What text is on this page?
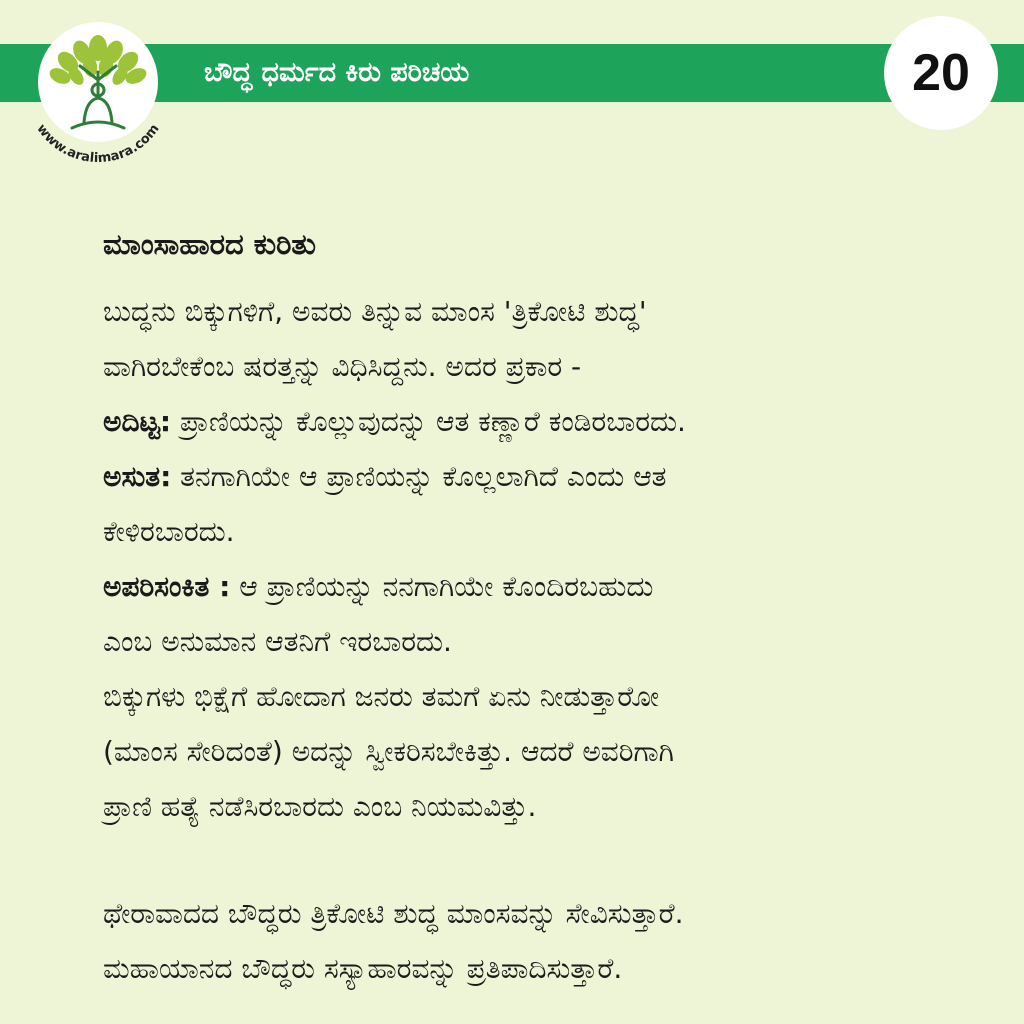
www.aralimara.com
ಬೌದ್ಧ ಧರ್ಮದ ಕಿರು ಪರಿಚಯ	20
ಮಾಂಸಾಹಾರದ ಕುರಿತು
ಬುದ್ಧನು ಬಿಕ್ಕುಗಳಿಗೆ, ಅವರು ತಿನ್ನುವ ಮಾಂಸ 'ತ್ರಿಕೋಟಿ ಶುದ್ಧ'
ವಾಗಿರಬೇಕೆಂಬ ಷರತ್ತನ್ನು ವಿಧಿಸಿದ್ದನು. ಅದರ ಪ್ರಕಾರ -
ಅದಿಟ್ಟ: ಪ್ರಾಣಿಯನ್ನು ಕೊಲ್ಲುವುದನ್ನು ಆತ ಕಣ್ಣಾರೆ ಕಂಡಿರಬಾರದು.
ಅಸುತ: ತನಗಾಗಿಯೇ ಆ ಪ್ರಾಣಿಯನ್ನು ಕೊಲ್ಲಲಾಗಿದೆ ಎಂದು ಆತ
ಕೇಳಿರಬಾರದು.
ಅಪರಿಸಂಕಿತ : ಆ ಪ್ರಾಣಿಯನ್ನು ನನಗಾಗಿಯೇ ಕೊಂದಿರಬಹುದು
ಎಂಬ ಅನುಮಾನ ಆತನಿಗೆ ಇರಬಾರದು.
ಬಿಕ್ಕುಗಳು ಭಿಕ್ಷೆಗೆ ಹೋದಾಗ ಜನರು ತಮಗೆ ಏನು ನೀಡುತ್ತಾರೋ
(ಮಾಂಸ ಸೇರಿದಂತೆ) ಅದನ್ನು ಸ್ವೀಕರಿಸಬೇಕಿತ್ತು. ಆದರೆ ಅವರಿಗಾಗಿ
ಪ್ರಾಣಿ ಹತ್ಯೆ ನಡೆಸಿರಬಾರದು ಎಂಬ ನಿಯಮವಿತ್ತು.
ಥೇರಾವಾದದ ಬೌದ್ಧರು ತ್ರಿಕೋಟಿ ಶುದ್ಧ ಮಾಂಸವನ್ನು ಸೇವಿಸುತ್ತಾರೆ.
ಮಹಾಯಾನದ ಬೌದ್ಧರು ಸಸ್ಯಾಹಾರವನ್ನು ಪ್ರತಿಪಾದಿಸುತ್ತಾರೆ.
